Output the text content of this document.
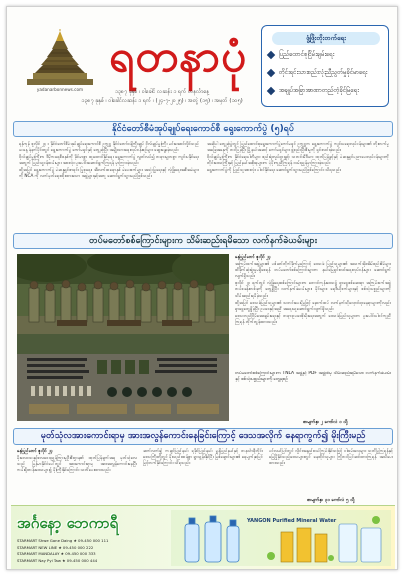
yadanarbonnews.com
ရတနာပုံ
၁၃၈၇ ခုနှစ် ၊ ဝါခေါင် လဆန်း ၁ ရက် တနင်္လာနေ့
၁၃၈၇ ခုနှစ် ၊ ဝါခေါင်လဆန်း ၁ ရက် ၊ (၂၄-၇-၂၀၂၅) ၊ အတွဲ (၁၅) ၊ အမှတ် (၁၀၅)
ဖွံ့ဖြိုးတိုးတက်ရေး
ပြည်ထောင်စုငြိမ်းချမ်းရေး
တိုင်းရင်းသားစည်းလုံးညီညွတ်မှုခိုင်မာရေး
အချုပ်အခြာအာဏာတည်တံ့ခိုင်မြဲရေး
နိုင်ငံတော်စီမံအုပ်ချုပ်ရေးကောင်စီ ရွေးကောက်ပွဲ (၅)ရပ်

ရန်ကုန် ဇူလိုင် ၂၄ ။ နိုင်ငံတော်စီမံအုပ်ချုပ်ရေးကောင်စီ ဥက္ကဋ္ဌ နိုင်ငံတော်ဝန်ကြီးချုပ် ဗိုလ်ချုပ်မှူးကြီး မင်းအောင်လှိုင်သည် ယနေ့ နံနက်ပိုင်းတွင် ရွေးကောက်ပွဲ ကော်မရှင်နှင့် တွေ့ဆုံပြီး အမျိုးသားရေးလုပ်ငန်းစဉ်များ ဆွေးနွေးခဲ့သည်။

ဗိုလ်ချုပ်မှူးကြီးက ဒီမိုကရေစီစနစ်ကို ခိုင်မာစွာ ထူထောင်နိုင်ရေး ရွေးကောက်ပွဲ လွတ်လပ်၍ တရားမျှတစွာ ကျင်းပနိုင်ရေးအတွက် ပြည်သူ့ဝန်ထမ်းများ အားလုံး ပူးပေါင်းဆောင်ရွက်ကြရန် မှာကြားခဲ့သည်။

ထို့အပြင် ရွေးကောက်ပွဲ မဲဆန္ဒရှင်စာရင်း ပြုစုရေး၊ အီလက်ထရောနစ် မဲပေးစက်များ အသုံးပြုရေးနှင့် လုံခြုံရေးအစီအမံများကို NCA ကို လက်မှတ်ရေးထိုးထားသော အဖွဲ့များနှင့်အတူ ဆောင်ရွက်သွားမည်ဖြစ်သည်။

အဆိုပါ တွေ့ဆုံပွဲတွင် ပြည်ထောင်စုရွေးကောက်ပွဲကော်မရှင် ဥက္ကဋ္ဌက ရွေးကောက်ပွဲ ကျင်းပရေးလုပ်ငန်းများ၏ တိုးတက်မှုအခြေအနေကို တင်ပြခဲ့ပြီး မြို့နယ်အဆင့် ကော်မရှင်များ ဖွဲ့စည်းပြီးစီးမှုကို ရှင်းလင်းခဲ့သည်။

ဗိုလ်ချုပ်မှူးကြီးက နိုင်ငံရေးပါတီများ စည်းရုံးလှုပ်ရှားခွင့်၊ သတင်းမီဒီယာ ထုတ်ပြန်ခွင့်နှင့် မဲဆန္ဒရှင်ပညာပေးလုပ်ငန်းများကို တိုင်းဒေသကြီးနှင့် ပြည်နယ်အစိုးရများက ပံ့ပိုးကူညီကြရန် လမ်းညွှန်မှာကြားခဲ့သည်။

ရွေးကောက်ပွဲကို ပြည်သူအားလုံး ပါဝင်နိုင်ရေး ဆောင်ရွက်သွားမည်ဖြစ်ကြောင်း သိရသည်။

တပ်မတော်စစ်ကြောင်းများက သိမ်းဆည်းရမိသော လက်နက်ခဲယမ်းများ

နေပြည်တော် ဇူလိုင် ၂၄

အကြမ်းဖက်အဖွဲ့များ၏ ပစ်ခတ်တိုက်ခိုက်မှုကြောင့် ဒေသခံ ပြည်သူများ၏ အသက်အိုးအိမ်စည်းစိမ်များ ထိခိုက်ဆုံးရှုံးမှုမရှိစေရန် တပ်မတော်စစ်ကြောင်းများက နယ်မြေရှင်းလင်းရေးလုပ်ငန်းများ ဆောင်ရွက်လျက်ရှိသည်။

ဇူလိုင် ၂၃ ရက်တွင် လုံခြုံရေးစစ်ကြောင်းများက တောင်ကုန်းဒေသ၌ ရှာဖွေစစ်ဆေးရာ အကြမ်းဖက်အဖွဲ့ တပ်စခန်းတစ်ခုကို တွေ့ရှိပြီး လက်နက်ခဲယမ်းများ၊ မိုင်းများ၊ ရေဒီယိုစက်များနှင့် စစ်သုံးပစ္စည်းများကို သိမ်းဆည်းရမိခဲ့သည်။

ထို့အပြင် ဒေသခံပြည်သူများ၏ သတင်းပေးပို့မှုဖြင့် နောက်ထပ် လက်နက်သိုလှောင်ရာနေရာများကိုလည်း ရှာဖွေတွေ့ရှိခဲ့ပြီး ဥပဒေနှင့်အညီ အရေးယူဆောင်ရွက်လျက်ရှိသည်။

ဒေသတည်ငြိမ်အေးချမ်းရေးနှင့် တရားဥပဒေစိုးမိုးရေးအတွက် ဒေသခံပြည်သူများက ပူးပေါင်းပါဝင်ကူညီကြရန် တိုက်တွန်းထားသည်။

တပ်မတော်စစ်ကြောင်းများက TNLA အဖွဲ့နှင့် PDF အဖွဲ့ထံမှ သိမ်းဆည်းရမိသော လက်နက်ခဲယမ်းနှင့် စစ်သုံးပစ္စည်းများကို တွေ့ရစဉ်
စာမျက်နှာ ၂ ကော်လံ ၁ သို့
မုတ်သုံလအားကောင်းရာမှ အားအလွန်ကောင်းနေခြင်းကြောင့် ဒေသအလိုက် နေရာကွက်၍ မိုးကြီးမည်

နေပြည်တော် ဇူလိုင် ၂၄

မိုးလေဝသနှင့်ဇလဗေဒညွှန်ကြားမှုဦးစီးဌာန၏ ထုတ်ပြန်ချက်အရ မုတ်သုံလေသည် မြန်မာနိုင်ငံပေါ်တွင် အားကောင်းရာမှ အားအလွန်ကောင်းနေပြီး ကမ်းရိုးတန်းဒေသများ၌ မိုးကြီးနိုင်ကြောင်း သတိပေးထားသည်။

ဆက်လက်၍ ကချင်ပြည်နယ်၊ ရခိုင်ပြည်နယ်၊ မွန်ပြည်နယ်နှင့် တနင်္သာရီတိုင်းဒေသကြီးတို့တွင် မိုးသည်းထန်စွာ ရွာသွန်းနိုင်ပြီး မြစ်ချောင်းများ၏ ရေမျက်နှာပြင် မြင့်တက်နိုင်ကြောင်း သိရသည်။
ပင်လယ်ပြင်တွင် လှိုင်းအနည်းငယ်ကြမ်းနိုင်သဖြင့် ငါးဖမ်းလှေများ သတိပြုကြရန်နှင့် မြေပြိုနိုင်သည့်ဒေသများတွင် နေထိုင်သူများ ကြိုတင်ပြင်ဆင်ထားကြရန် အသိပေးထားသည်။
စာမျက်နှာ ၃၁ ကော်လံ ၅ သို့
အင်္ဂနော့ ဘေကာရီ
STARMART Shwe Gone Daing ★ 09-450 000 111
STARMART NEW LINE ★ 09-450 000 222
STARMART MANDALAY ★ 09-450 000 333
STARMART Nay Pyi Taw ★ 09-450 000 444
YANGON Purified Mineral Water
